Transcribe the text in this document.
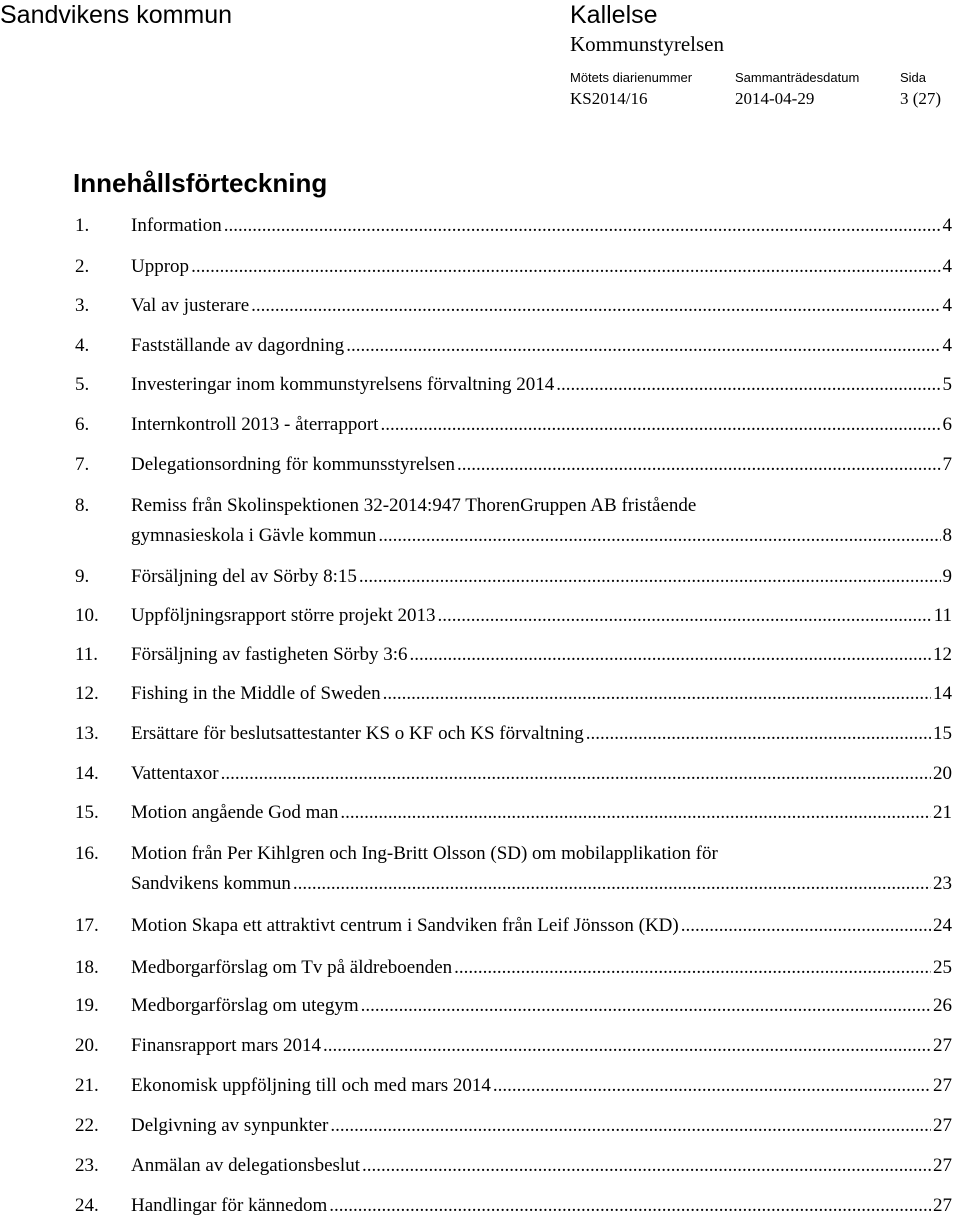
Sandvikens kommun	Kallelse
Kommunstyrelsen
Mötets diarienummer	Sammanträdesdatum	Sida
KS2014/16	2014-04-29	3 (27)
Innehållsförteckning
1. Information .....	4
2. Upprop .....	4
3. Val av justerare .....	4
4. Fastställande av dagordning .....	4
5. Investeringar inom kommunstyrelsens förvaltning 2014 .....	5
6. Internkontroll 2013 - återrapport .....	6
7. Delegationsordning för kommunsstyrelsen .....	7
8. Remiss från Skolinspektionen 32-2014:947 ThorenGruppen AB fristående
gymnasieskola i Gävle kommun .....	8
9. Försäljning del av Sörby 8:15 .....	9
10. Uppföljningsrapport större projekt 2013 .....	11
11. Försäljning av fastigheten Sörby 3:6 .....	12
12. Fishing in the Middle of Sweden .....	14
13. Ersättare för beslutsattestanter KS o KF och KS förvaltning .....	15
14. Vattentaxor .....	20
15. Motion angående God man .....	21
16. Motion från Per Kihlgren och Ing-Britt Olsson (SD) om mobilapplikation för
Sandvikens kommun .....	23
17. Motion Skapa ett attraktivt centrum i Sandviken från Leif Jönsson (KD) .....	24
18. Medborgarförslag om Tv på äldreboenden .....	25
19. Medborgarförslag om utegym .....	26
20. Finansrapport mars 2014 .....	27
21. Ekonomisk uppföljning till och med mars 2014 .....	27
22. Delgivning av synpunkter .....	27
23. Anmälan av delegationsbeslut .....	27
24. Handlingar för kännedom .....	27
